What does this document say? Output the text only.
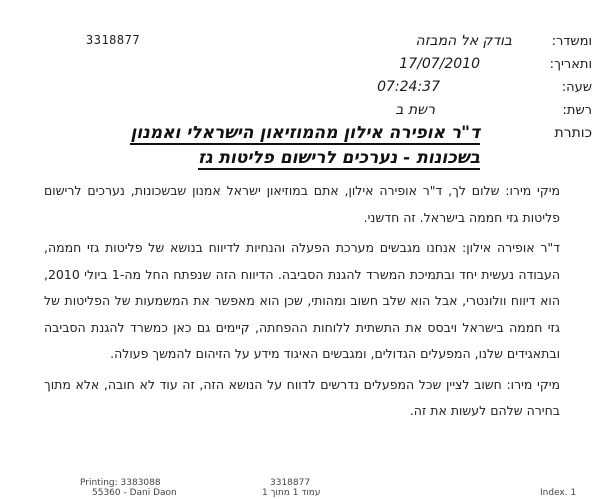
3318877	ומשדר:
בודק אל המבזה
ותאריך:
17/07/2010
שעה:
07:24:37
רשת:
רשת ב
כותרת
ד"ר אופירה אילון מהמוזיאון הישראלי ואמנון
בשכונות - נערכים לרישום פליטות גז

מיקי מירו: שלום לך, ד"ר אופירה אילון, אתם במוזיאון ישראל אמנון שבשכונות, נערכים לרישום פליטות גזי חממה בישראל. זה חדשני.

ד"ר אופירה אילון: אנחנו מגבשים מערכת הפעלה והנחיות לדיווח בנושא של פליטות גזי חממה, העבודה נעשית יחד ובתמיכת המשרד להגנת הסביבה. הדיווח הזה שנפתח החל מה-1 ביולי 2010, הוא דיווח וולונטרי, אבל הוא שלב חשוב ומהותי, שכן הוא מאפשר את המשמעות של הפליטות של גזי חממה בישראל ויבסס את התשתית ללוחות ההפחתה, קיימים גם כאן כמשרד להגנת הסביבה ובתאגידים שלנו, המפעלים הגדולים, ומגבשים האיגוד מידע על הזיהום להמשך פעולה.

מיקי מירו: חשוב לציין שכל המפעלים נדרשים לדווח על הנושא הזה, זה עוד לא חובה, אלא מתוך בחירה שלהם לעשות את זה.

Printing: 3383088
55360 - Dani Daon
3318877
עמוד 1 מתוך 1	Index. 1
